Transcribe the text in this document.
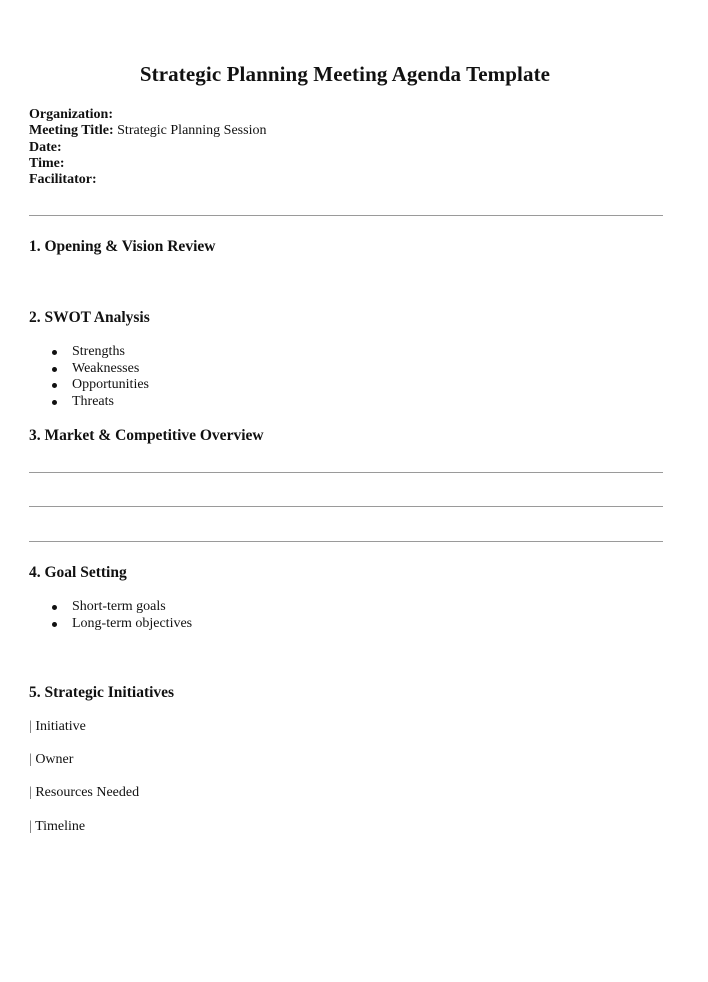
Strategic Planning Meeting Agenda Template
Organization:
Meeting Title: Strategic Planning Session
Date:
Time:
Facilitator:
1. Opening & Vision Review
2. SWOT Analysis
Strengths
Weaknesses
Opportunities
Threats
3. Market & Competitive Overview
4. Goal Setting
Short-term goals
Long-term objectives
5. Strategic Initiatives
| Initiative
| Owner
| Resources Needed
| Timeline
